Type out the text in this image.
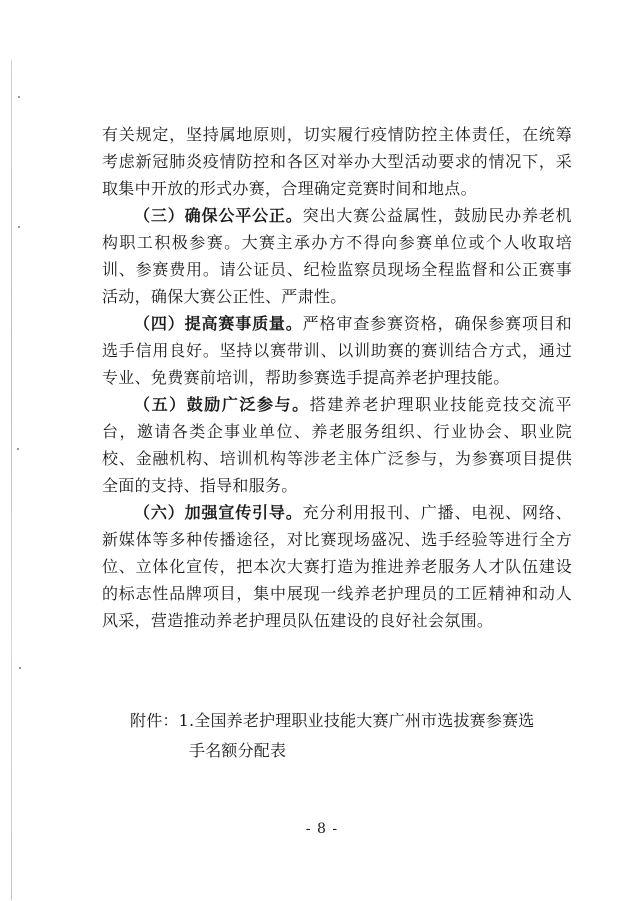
有关规定，坚持属地原则，切实履行疫情防控主体责任，在统筹考虑新冠肺炎疫情防控和各区对举办大型活动要求的情况下，采取集中开放的形式办赛，合理确定竞赛时间和地点。

（三）确保公平公正。突出大赛公益属性，鼓励民办养老机构职工积极参赛。大赛主承办方不得向参赛单位或个人收取培训、参赛费用。请公证员、纪检监察员现场全程监督和公正赛事活动，确保大赛公正性、严肃性。

（四）提高赛事质量。严格审查参赛资格，确保参赛项目和选手信用良好。坚持以赛带训、以训助赛的赛训结合方式，通过专业、免费赛前培训，帮助参赛选手提高养老护理技能。

（五）鼓励广泛参与。搭建养老护理职业技能竞技交流平台，邀请各类企事业单位、养老服务组织、行业协会、职业院校、金融机构、培训机构等涉老主体广泛参与，为参赛项目提供全面的支持、指导和服务。

（六）加强宣传引导。充分利用报刊、广播、电视、网络、新媒体等多种传播途径，对比赛现场盛况、选手经验等进行全方位、立体化宣传，把本次大赛打造为推进养老服务人才队伍建设的标志性品牌项目，集中展现一线养老护理员的工匠精神和动人风采，营造推动养老护理员队伍建设的良好社会氛围。

附件：1.全国养老护理职业技能大赛广州市选拔赛参赛选
手名额分配表
- 8 -
